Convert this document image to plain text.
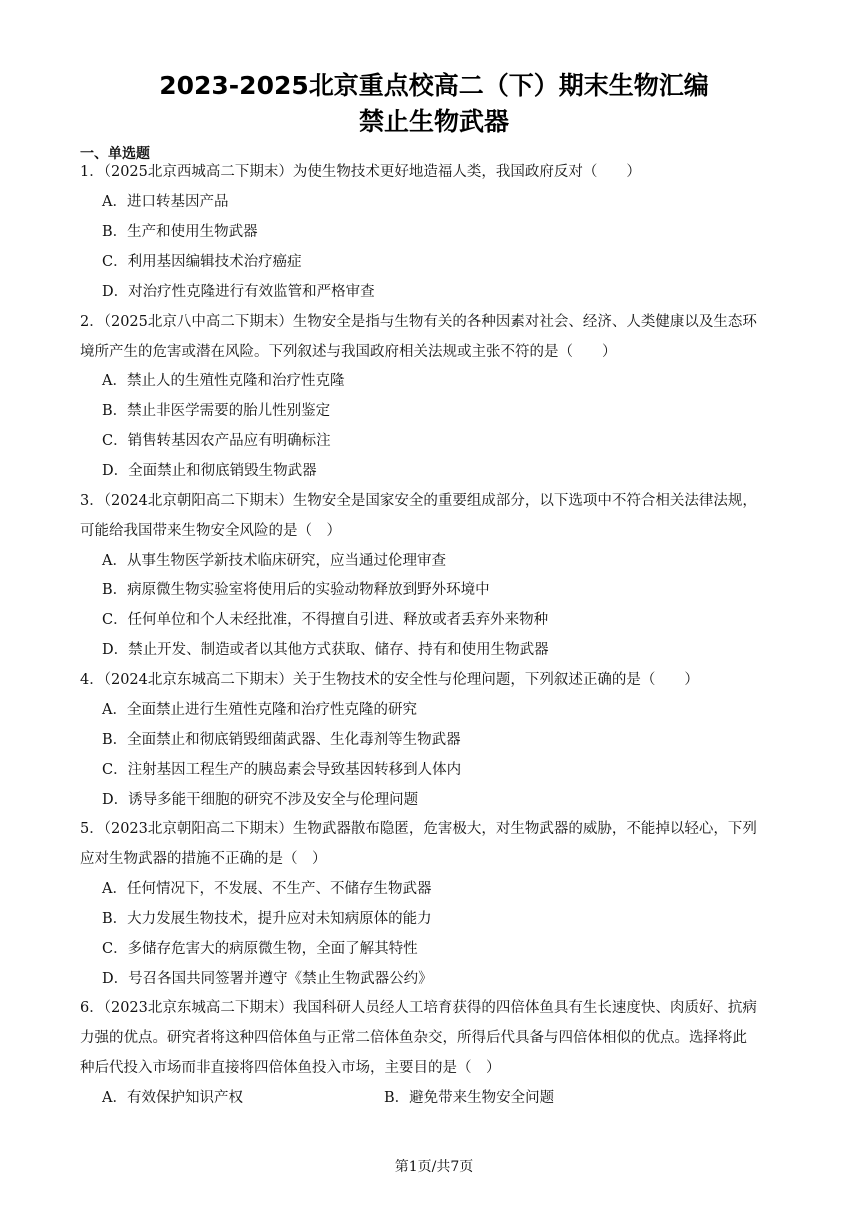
2023-2025北京重点校高二（下）期末生物汇编
禁止生物武器
一、单选题
1．（2025北京西城高二下期末）为使生物技术更好地造福人类，我国政府反对（　　）
A．进口转基因产品
B．生产和使用生物武器
C．利用基因编辑技术治疗癌症
D．对治疗性克隆进行有效监管和严格审查
2．（2025北京八中高二下期末）生物安全是指与生物有关的各种因素对社会、经济、人类健康以及生态环
境所产生的危害或潜在风险。下列叙述与我国政府相关法规或主张不符的是（　　）
A．禁止人的生殖性克隆和治疗性克隆
B．禁止非医学需要的胎儿性别鉴定
C．销售转基因农产品应有明确标注
D．全面禁止和彻底销毁生物武器
3．（2024北京朝阳高二下期末）生物安全是国家安全的重要组成部分，以下选项中不符合相关法律法规，
可能给我国带来生物安全风险的是（　）
A．从事生物医学新技术临床研究，应当通过伦理审查
B．病原微生物实验室将使用后的实验动物释放到野外环境中
C．任何单位和个人未经批准，不得擅自引进、释放或者丢弃外来物种
D．禁止开发、制造或者以其他方式获取、储存、持有和使用生物武器
4．（2024北京东城高二下期末）关于生物技术的安全性与伦理问题，下列叙述正确的是（　　）
A．全面禁止进行生殖性克隆和治疗性克隆的研究
B．全面禁止和彻底销毁细菌武器、生化毒剂等生物武器
C．注射基因工程生产的胰岛素会导致基因转移到人体内
D．诱导多能干细胞的研究不涉及安全与伦理问题
5．（2023北京朝阳高二下期末）生物武器散布隐匿，危害极大，对生物武器的威胁，不能掉以轻心，下列
应对生物武器的措施不正确的是（　）
A．任何情况下，不发展、不生产、不储存生物武器
B．大力发展生物技术，提升应对未知病原体的能力
C．多储存危害大的病原微生物，全面了解其特性
D．号召各国共同签署并遵守《禁止生物武器公约》
6．（2023北京东城高二下期末）我国科研人员经人工培育获得的四倍体鱼具有生长速度快、肉质好、抗病
力强的优点。研究者将这种四倍体鱼与正常二倍体鱼杂交，所得后代具备与四倍体相似的优点。选择将此
种后代投入市场而非直接将四倍体鱼投入市场，主要目的是（　）
A．有效保护知识产权	B．避免带来生物安全问题
第1页/共7页
